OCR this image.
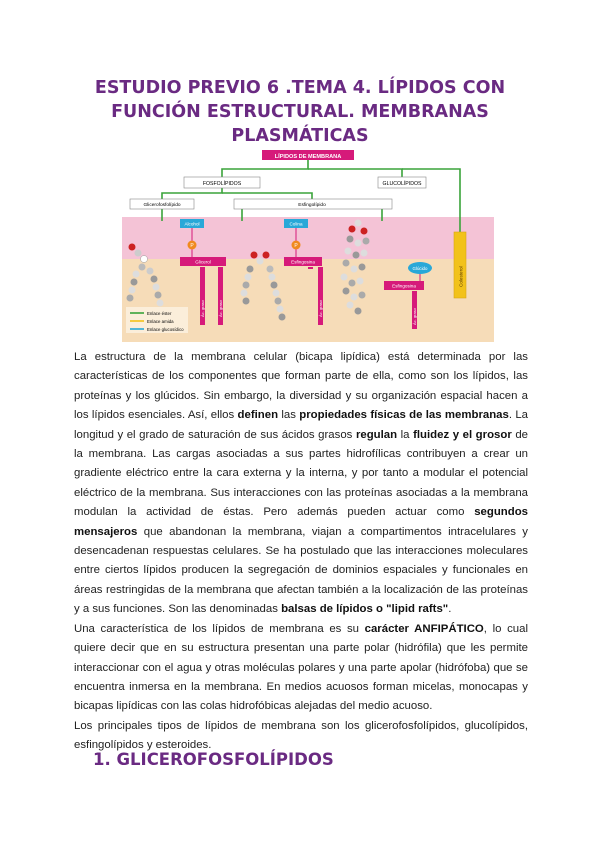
ESTUDIO PREVIO 6 .TEMA 4. LÍPIDOS CON FUNCIÓN ESTRUCTURAL. MEMBRANAS PLASMÁTICAS
LÍPIDOS DE MEMBRANA
FOSFOLÍPIDOS	GLUCOLÍPIDOS
Glicerofosfolípido	Esfingolípido
Alcohol	Colina
Glúcido
P	P
Glicerol	Esfingosina
Esfingosina
Ác. graso	Ác. graso	Ác. graso	Ác. graso
Colesterol
Enlace éster
Enlace amida
Enlace glucosídico

La estructura de la membrana celular (bicapa lipídica) está determinada por las características de los componentes que forman parte de ella, como son los lípidos, las proteínas y los glúcidos. Sin embargo, la diversidad y su organización espacial hacen a los lípidos esenciales. Así, ellos definen las propiedades físicas de las membranas. La longitud y el grado de saturación de sus ácidos grasos regulan la fluidez y el grosor de la membrana. Las cargas asociadas a sus partes hidrofílicas contribuyen a crear un gradiente eléctrico entre la cara externa y la interna, y por tanto a modular el potencial eléctrico de la membrana. Sus interacciones con las proteínas asociadas a la membrana modulan la actividad de éstas. Pero además pueden actuar como segundos mensajeros que abandonan la membrana, viajan a compartimentos intracelulares y desencadenan respuestas celulares. Se ha postulado que las interacciones moleculares entre ciertos lípidos producen la segregación de dominios espaciales y funcionales en áreas restringidas de la membrana que afectan también a la localización de las proteínas y a sus funciones. Son las denominadas balsas de lípidos o "lipid rafts".

Una característica de los lípidos de membrana es su carácter ANFIPÁTICO, lo cual quiere decir que en su estructura presentan una parte polar (hidrófila) que les permite interaccionar con el agua y otras moléculas polares y una parte apolar (hidrófoba) que se encuentra inmersa en la membrana. En medios acuosos forman micelas, monocapas y bicapas lipídicas con las colas hidrofóbicas alejadas del medio acuoso.

Los principales tipos de lípidos de membrana son los glicerofosfolípidos, glucolípidos, esfingolípidos y esteroides.

1. GLICEROFOSFOLÍPIDOS
